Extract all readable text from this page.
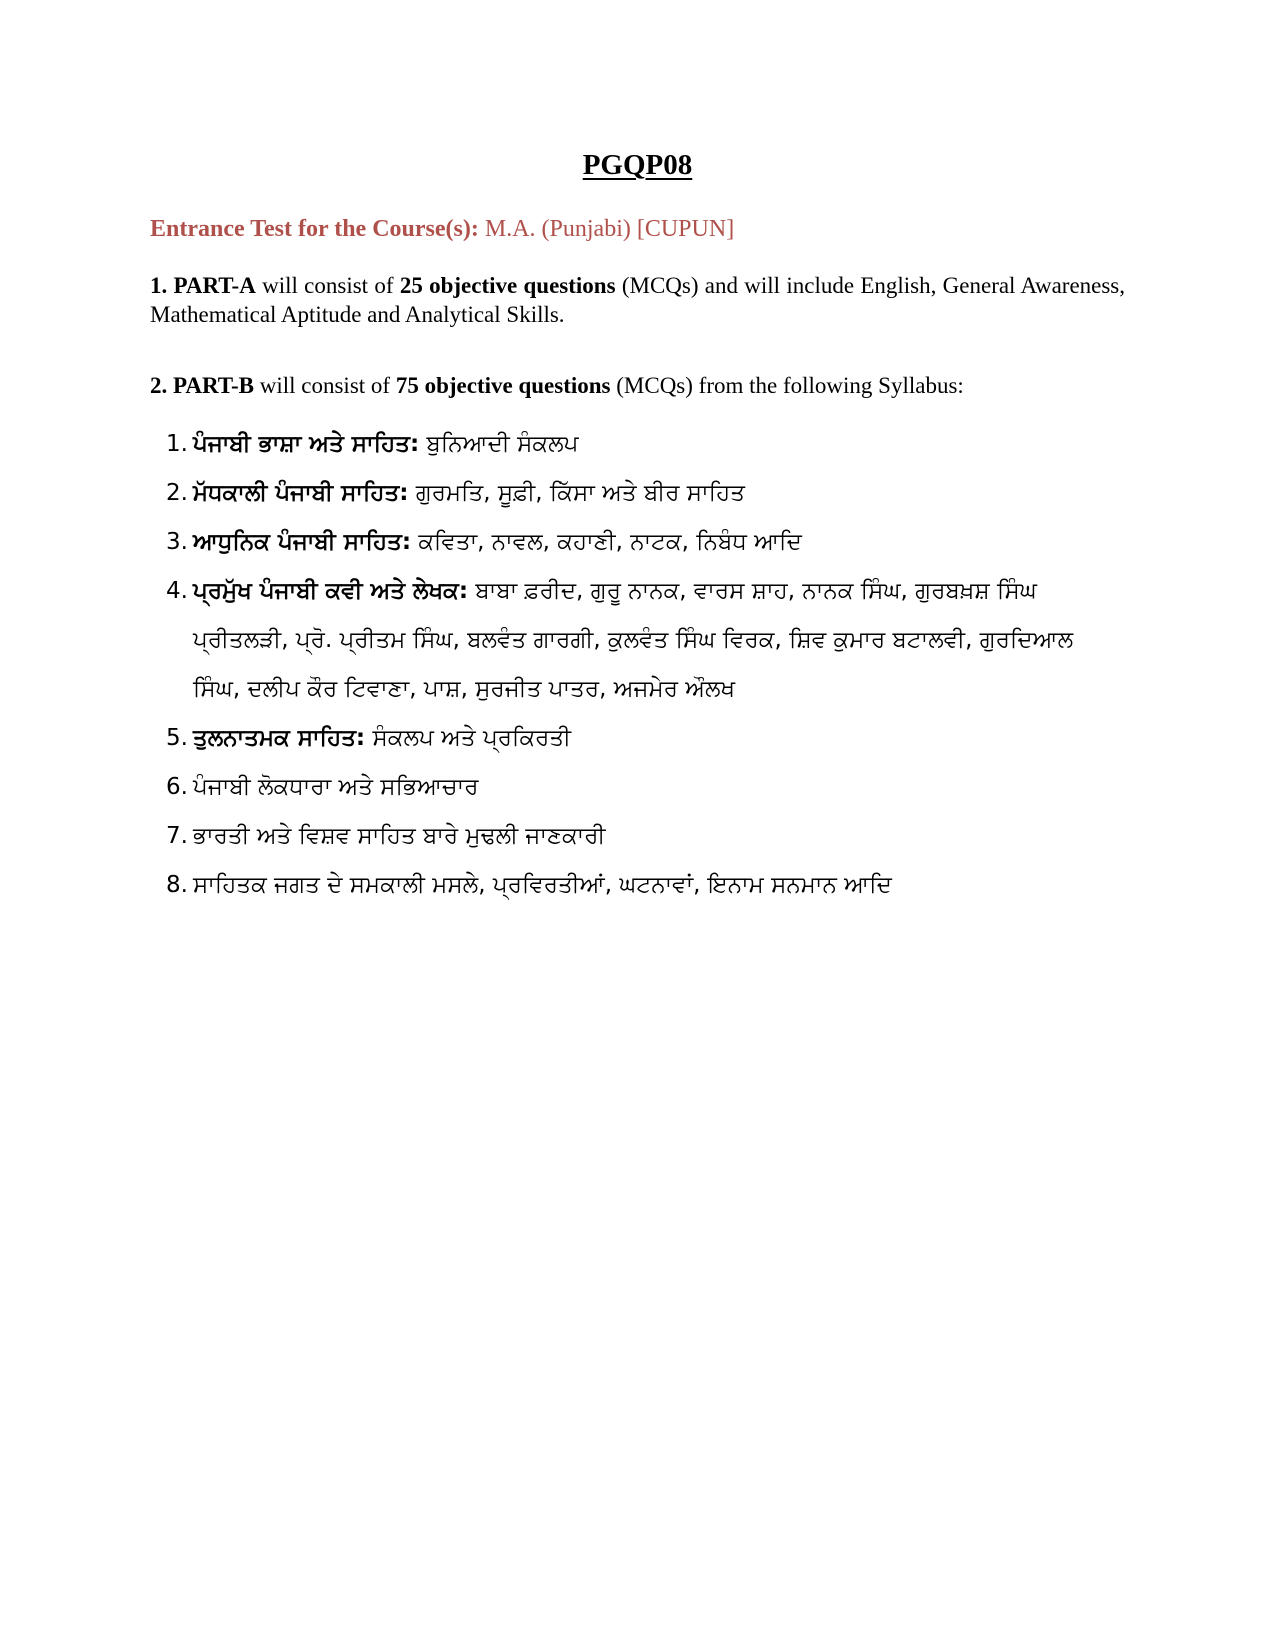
PGQP08
Entrance Test for the Course(s): M.A. (Punjabi) [CUPUN]
1. PART-A will consist of 25 objective questions (MCQs) and will include English, General Awareness, Mathematical Aptitude and Analytical Skills.
2. PART-B will consist of 75 objective questions (MCQs) from the following Syllabus:
1. ਪੰਜਾਬੀ ਭਾਸ਼ਾ ਅਤੇ ਸਾਹਿਤ: ਬੁਨਿਆਦੀ ਸੰਕਲਪ
2. ਮੱਧਕਾਲੀ ਪੰਜਾਬੀ ਸਾਹਿਤ: ਗੁਰਮਤਿ, ਸੂਫ਼ੀ, ਕਿੱਸਾ ਅਤੇ ਬੀਰ ਸਾਹਿਤ
3. ਆਧੁਨਿਕ ਪੰਜਾਬੀ ਸਾਹਿਤ: ਕਵਿਤਾ, ਨਾਵਲ, ਕਹਾਣੀ, ਨਾਟਕ, ਨਿਬੰਧ ਆਦਿ
4. ਪ੍ਰਮੁੱਖ ਪੰਜਾਬੀ ਕਵੀ ਅਤੇ ਲੇਖਕ: ਬਾਬਾ ਫ਼ਰੀਦ, ਗੁਰੂ ਨਾਨਕ, ਵਾਰਸ ਸ਼ਾਹ, ਨਾਨਕ ਸਿੰਘ, ਗੁਰਬਖ਼ਸ਼ ਸਿੰਘ ਪ੍ਰੀਤਲੜੀ, ਪ੍ਰੋ. ਪ੍ਰੀਤਮ ਸਿੰਘ, ਬਲਵੰਤ ਗਾਰਗੀ, ਕੁਲਵੰਤ ਸਿੰਘ ਵਿਰਕ, ਸ਼ਿਵ ਕੁਮਾਰ ਬਟਾਲਵੀ, ਗੁਰਦਿਆਲ ਸਿੰਘ, ਦਲੀਪ ਕੌਰ ਟਿਵਾਣਾ, ਪਾਸ਼, ਸੁਰਜੀਤ ਪਾਤਰ, ਅਜਮੇਰ ਔਲਖ
5. ਤੁਲਨਾਤਮਕ ਸਾਹਿਤ: ਸੰਕਲਪ ਅਤੇ ਪ੍ਰਕਿਰਤੀ
6. ਪੰਜਾਬੀ ਲੋਕਧਾਰਾ ਅਤੇ ਸਭਿਆਚਾਰ
7. ਭਾਰਤੀ ਅਤੇ ਵਿਸ਼ਵ ਸਾਹਿਤ ਬਾਰੇ ਮੁਢਲੀ ਜਾਣਕਾਰੀ
8. ਸਾਹਿਤਕ ਜਗਤ ਦੇ ਸਮਕਾਲੀ ਮਸਲੇ, ਪ੍ਰਵਿਰਤੀਆਂ, ਘਟਨਾਵਾਂ, ਇਨਾਮ ਸਨਮਾਨ ਆਦਿ
